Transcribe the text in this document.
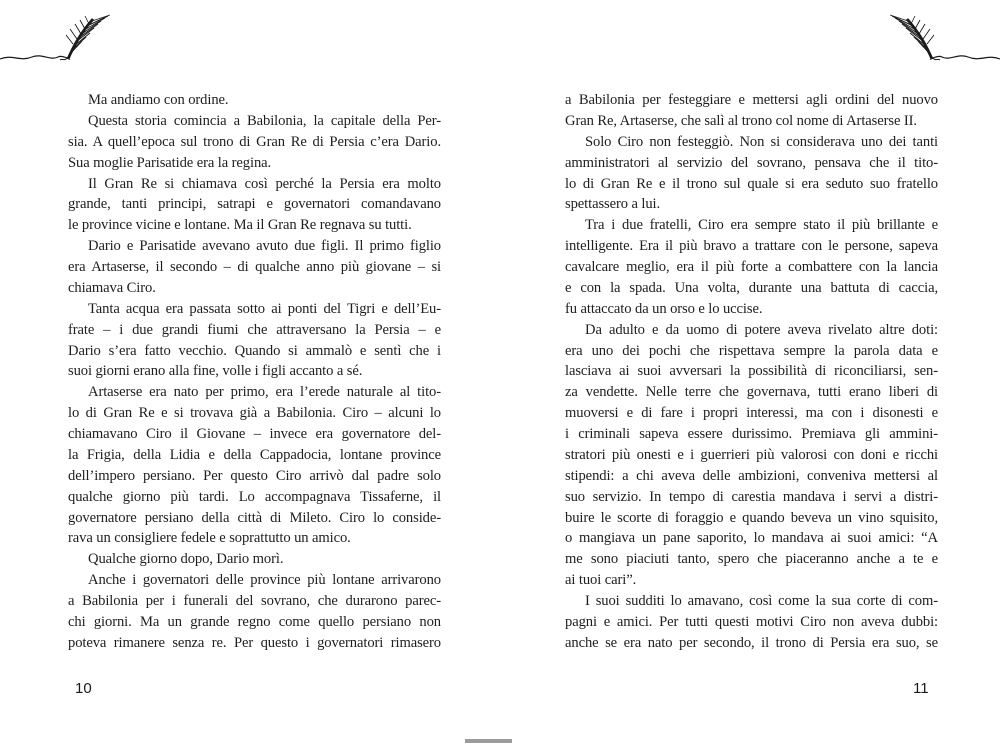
Ma andiamo con ordine.
Questa storia comincia a Babilonia, la capitale della Per-
sia. A quell’epoca sul trono di Gran Re di Persia c’era Dario.
Sua moglie Parisatide era la regina.
Il Gran Re si chiamava così perché la Persia era molto
grande, tanti principi, satrapi e governatori comandavano
le province vicine e lontane. Ma il Gran Re regnava su tutti.
Dario e Parisatide avevano avuto due figli. Il primo figlio
era Artaserse, il secondo – di qualche anno più giovane – si
chiamava Ciro.
Tanta acqua era passata sotto ai ponti del Tigri e dell’Eu-
frate – i due grandi fiumi che attraversano la Persia – e
Dario s’era fatto vecchio. Quando si ammalò e sentì che i
suoi giorni erano alla fine, volle i figli accanto a sé.
Artaserse era nato per primo, era l’erede naturale al tito-
lo di Gran Re e si trovava già a Babilonia. Ciro – alcuni lo
chiamavano Ciro il Giovane – invece era governatore del-
la Frigia, della Lidia e della Cappadocia, lontane province
dell’impero persiano. Per questo Ciro arrivò dal padre solo
qualche giorno più tardi. Lo accompagnava Tissaferne, il
governatore persiano della città di Mileto. Ciro lo conside-
rava un consigliere fedele e soprattutto un amico.
Qualche giorno dopo, Dario morì.
Anche i governatori delle province più lontane arrivarono
a Babilonia per i funerali del sovrano, che durarono parec-
chi giorni. Ma un grande regno come quello persiano non
poteva rimanere senza re. Per questo i governatori rimasero
a Babilonia per festeggiare e mettersi agli ordini del nuovo
Gran Re, Artaserse, che salì al trono col nome di Artaserse II.
Solo Ciro non festeggiò. Non si considerava uno dei tanti
amministratori al servizio del sovrano, pensava che il tito-
lo di Gran Re e il trono sul quale si era seduto suo fratello
spettassero a lui.
Tra i due fratelli, Ciro era sempre stato il più brillante e
intelligente. Era il più bravo a trattare con le persone, sapeva
cavalcare meglio, era il più forte a combattere con la lancia
e con la spada. Una volta, durante una battuta di caccia,
fu attaccato da un orso e lo uccise.
Da adulto e da uomo di potere aveva rivelato altre doti:
era uno dei pochi che rispettava sempre la parola data e
lasciava ai suoi avversari la possibilità di riconciliarsi, sen-
za vendette. Nelle terre che governava, tutti erano liberi di
muoversi e di fare i propri interessi, ma con i disonesti e
i criminali sapeva essere durissimo. Premiava gli ammini-
stratori più onesti e i guerrieri più valorosi con doni e ricchi
stipendi: a chi aveva delle ambizioni, conveniva mettersi al
suo servizio. In tempo di carestia mandava i servi a distri-
buire le scorte di foraggio e quando beveva un vino squisito,
o mangiava un pane saporito, lo mandava ai suoi amici: “A
me sono piaciuti tanto, spero che piaceranno anche a te e
ai tuoi cari”.
I suoi sudditi lo amavano, così come la sua corte di com-
pagni e amici. Per tutti questi motivi Ciro non aveva dubbi:
anche se era nato per secondo, il trono di Persia era suo, se
10	11
